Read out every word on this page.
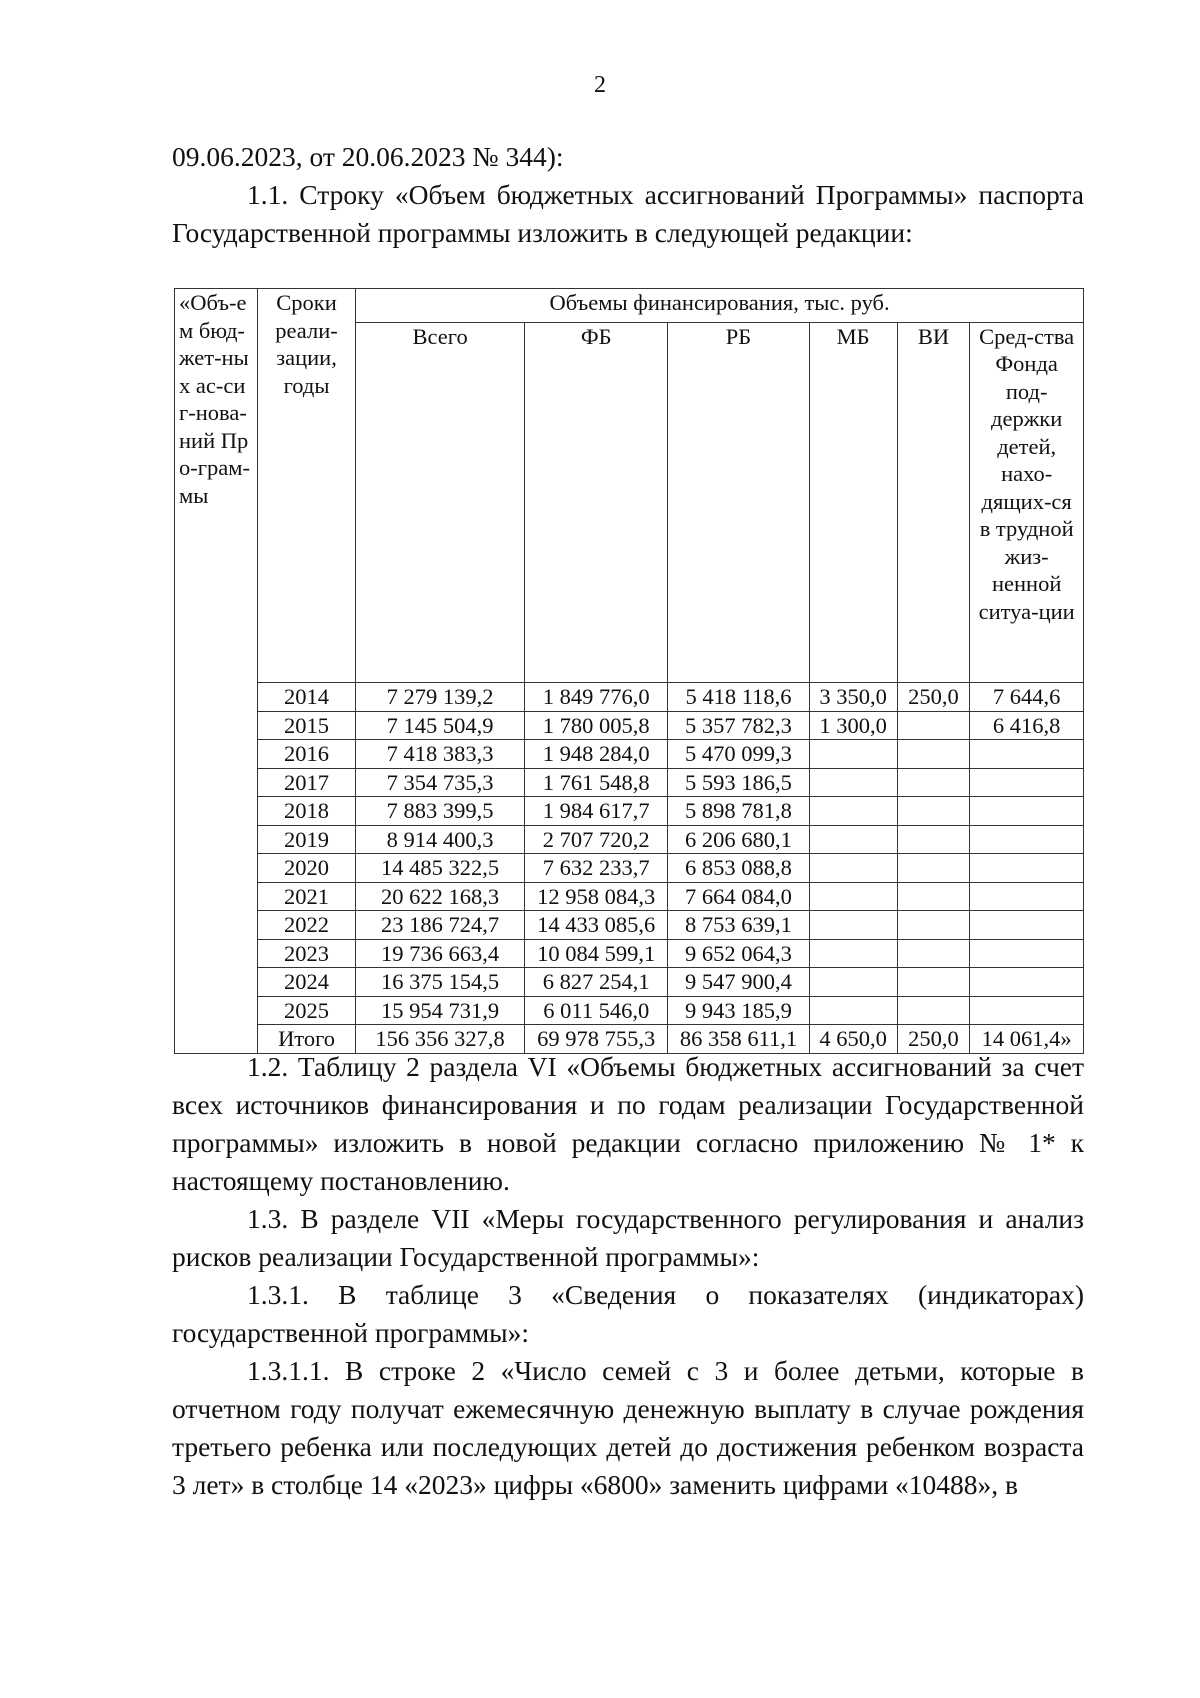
2

09.06.2023, от 20.06.2023 № 344):

1.1. Строку «Объем бюджетных ассигнований Программы» паспорта Государственной программы изложить в следующей редакции:

«Объ-ем бюд-жет-ных ас-сиг-нова-ний Про-грам-мы	Сроки реали-зации, годы	Объемы финансирования, тыс. руб.					
		Всего	ФБ	РБ	МБ	ВИ	Сред-ства Фонда под-держки детей, нахо-дящих-ся в трудной жиз-ненной ситуа-ции
	2014	7 279 139,2	1 849 776,0	5 418 118,6	3 350,0	250,0	7 644,6
	2015	7 145 504,9	1 780 005,8	5 357 782,3	1 300,0		6 416,8
	2016	7 418 383,3	1 948 284,0	5 470 099,3			
	2017	7 354 735,3	1 761 548,8	5 593 186,5			
	2018	7 883 399,5	1 984 617,7	5 898 781,8			
	2019	8 914 400,3	2 707 720,2	6 206 680,1			
	2020	14 485 322,5	7 632 233,7	6 853 088,8			
	2021	20 622 168,3	12 958 084,3	7 664 084,0			
	2022	23 186 724,7	14 433 085,6	8 753 639,1			
	2023	19 736 663,4	10 084 599,1	9 652 064,3			
	2024	16 375 154,5	6 827 254,1	9 547 900,4			
	2025	15 954 731,9	6 011 546,0	9 943 185,9			
	Итого	156 356 327,8	69 978 755,3	86 358 611,1	4 650,0	250,0	14 061,4»

1.2. Таблицу 2 раздела VI «Объемы бюджетных ассигнований за счет всех источников финансирования и по годам реализации Государственной программы» изложить в новой редакции согласно приложению № 1* к настоящему постановлению.

1.3. В разделе VII «Меры государственного регулирования и анализ рисков реализации Государственной программы»:

1.3.1. В таблице 3 «Сведения о показателях (индикаторах) государственной программы»:

1.3.1.1. В строке 2 «Число семей с 3 и более детьми, которые в отчетном году получат ежемесячную денежную выплату в случае рождения третьего ребенка или последующих детей до достижения ребенком возраста 3 лет» в столбце 14 «2023» цифры «6800» заменить цифрами «10488», в
